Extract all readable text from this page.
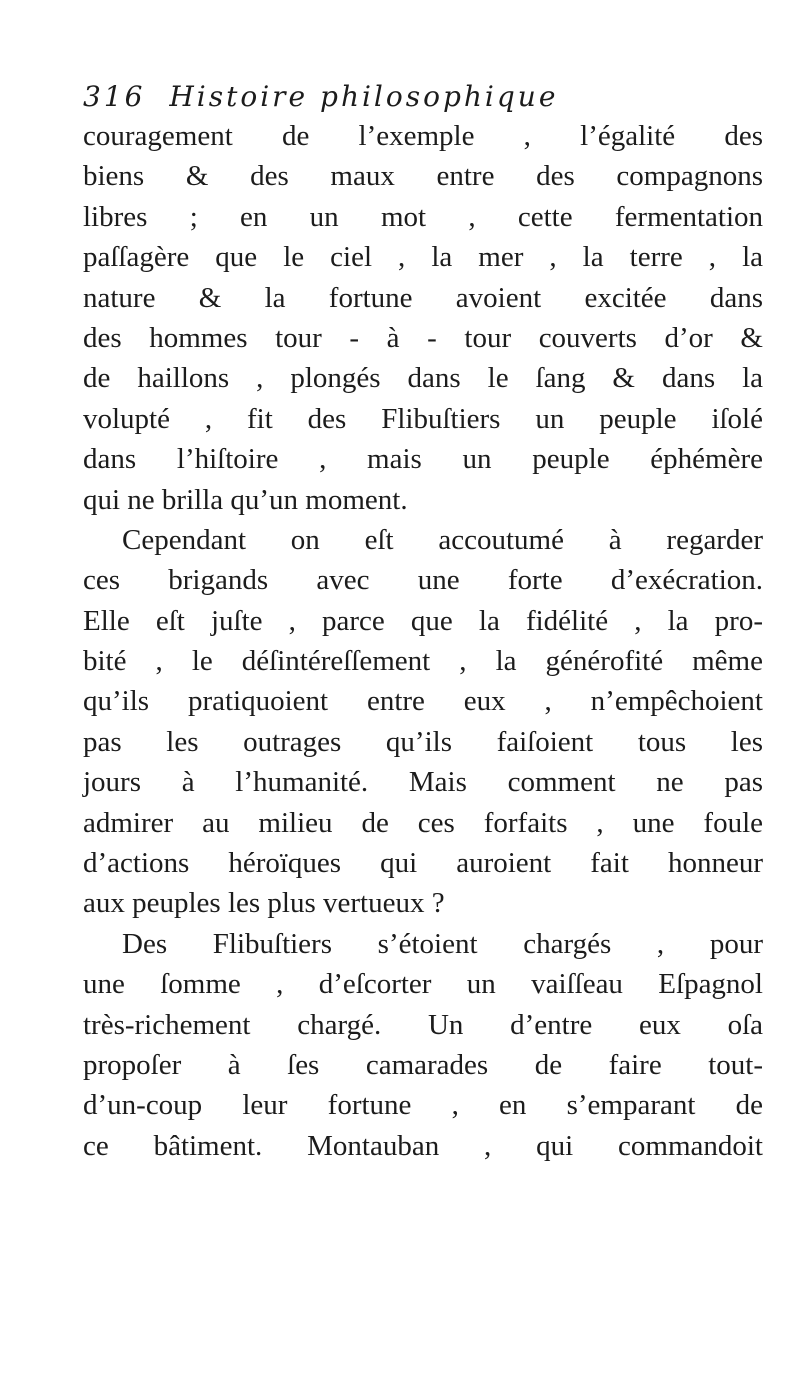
316 Histoire philosophique
couragement de l’exemple , l’égalité des
biens & des maux entre des compagnons
libres ; en un mot , cette fermentation
paſſagère que le ciel , la mer , la terre , la
nature & la fortune avoient excitée dans
des hommes tour - à - tour couverts d’or &
de haillons , plongés dans le ſang & dans la
volupté , fit des Flibuſtiers un peuple iſolé
dans l’hiſtoire , mais un peuple éphémère
qui ne brilla qu’un moment.
Cependant on eſt accoutumé à regarder
ces brigands avec une forte d’exécration.
Elle eſt juſte , parce que la fidélité , la pro-
bité , le déſintéreſſement , la générofité même
qu’ils pratiquoient entre eux , n’empêchoient
pas les outrages qu’ils faiſoient tous les
jours à l’humanité. Mais comment ne pas
admirer au milieu de ces forfaits , une foule
d’actions héroïques qui auroient fait honneur
aux peuples les plus vertueux ?
Des Flibuſtiers s’étoient chargés , pour
une ſomme , d’eſcorter un vaiſſeau Eſpagnol
très-richement chargé. Un d’entre eux oſa
propoſer à ſes camarades de faire tout-
d’un-coup leur fortune , en s’emparant de
ce bâtiment. Montauban , qui commandoit
